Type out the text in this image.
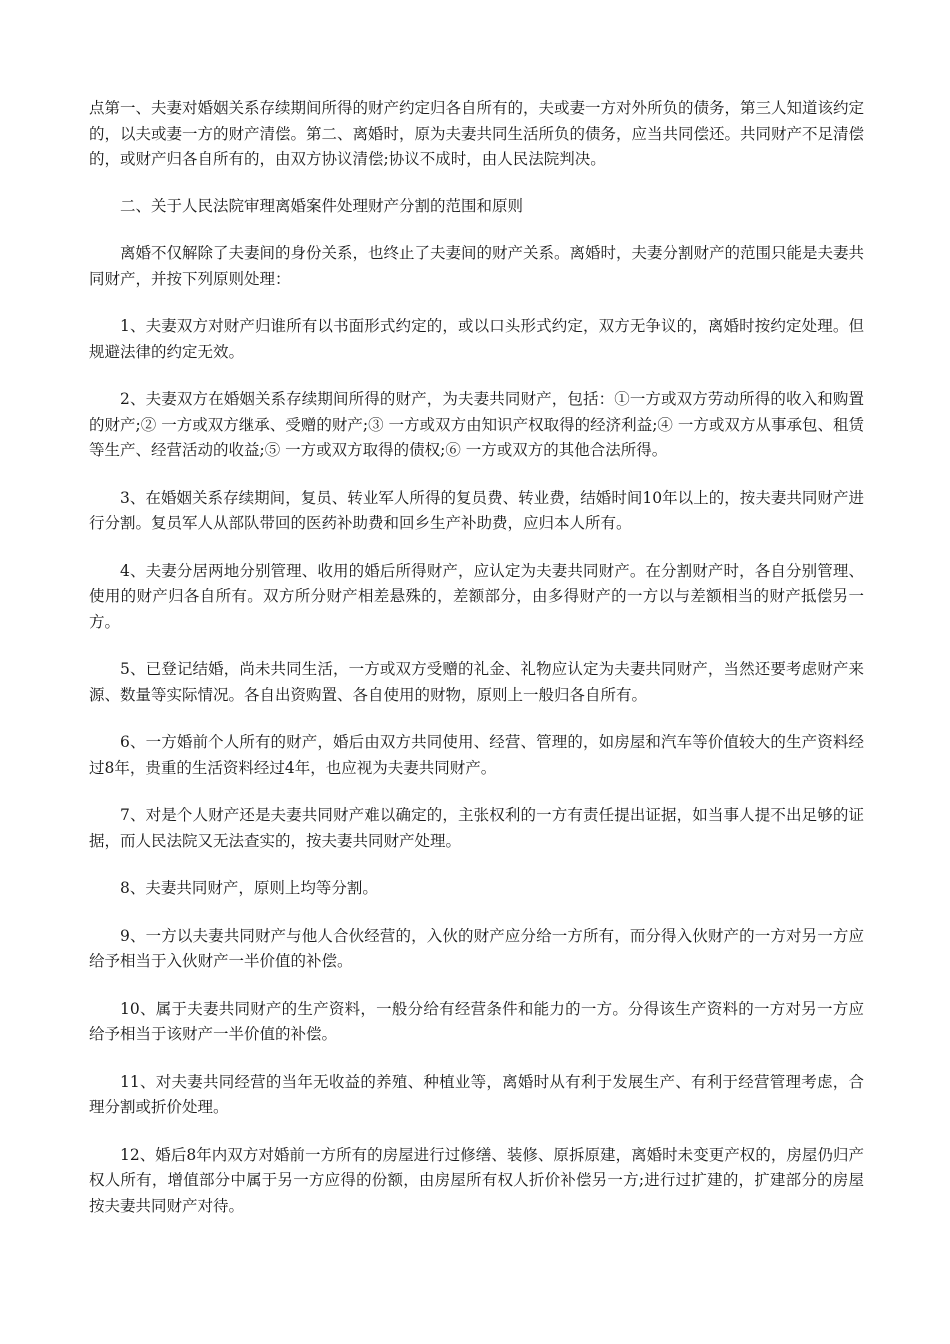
点第一、夫妻对婚姻关系存续期间所得的财产约定归各自所有的，夫或妻一方对外所负的债务，第三人知道该约定的，以夫或妻一方的财产清偿。第二、离婚时，原为夫妻共同生活所负的债务，应当共同偿还。共同财产不足清偿的，或财产归各自所有的，由双方协议清偿;协议不成时，由人民法院判决。

二、关于人民法院审理离婚案件处理财产分割的范围和原则

离婚不仅解除了夫妻间的身份关系，也终止了夫妻间的财产关系。离婚时，夫妻分割财产的范围只能是夫妻共同财产，并按下列原则处理：

1、夫妻双方对财产归谁所有以书面形式约定的，或以口头形式约定，双方无争议的，离婚时按约定处理。但规避法律的约定无效。

2、夫妻双方在婚姻关系存续期间所得的财产，为夫妻共同财产，包括：①一方或双方劳动所得的收入和购置的财产;② 一方或双方继承、受赠的财产;③ 一方或双方由知识产权取得的经济利益;④ 一方或双方从事承包、租赁等生产、经营活动的收益;⑤ 一方或双方取得的债权;⑥ 一方或双方的其他合法所得。

3、在婚姻关系存续期间，复员、转业军人所得的复员费、转业费，结婚时间10年以上的，按夫妻共同财产进行分割。复员军人从部队带回的医药补助费和回乡生产补助费，应归本人所有。

4、夫妻分居两地分别管理、收用的婚后所得财产，应认定为夫妻共同财产。在分割财产时，各自分别管理、使用的财产归各自所有。双方所分财产相差悬殊的，差额部分，由多得财产的一方以与差额相当的财产抵偿另一方。

5、已登记结婚，尚未共同生活，一方或双方受赠的礼金、礼物应认定为夫妻共同财产，当然还要考虑财产来源、数量等实际情况。各自出资购置、各自使用的财物，原则上一般归各自所有。

6、一方婚前个人所有的财产，婚后由双方共同使用、经营、管理的，如房屋和汽车等价值较大的生产资料经过8年，贵重的生活资料经过4年，也应视为夫妻共同财产。

7、对是个人财产还是夫妻共同财产难以确定的，主张权利的一方有责任提出证据，如当事人提不出足够的证据，而人民法院又无法查实的，按夫妻共同财产处理。

8、夫妻共同财产，原则上均等分割。

9、一方以夫妻共同财产与他人合伙经营的，入伙的财产应分给一方所有，而分得入伙财产的一方对另一方应给予相当于入伙财产一半价值的补偿。

10、属于夫妻共同财产的生产资料，一般分给有经营条件和能力的一方。分得该生产资料的一方对另一方应给予相当于该财产一半价值的补偿。

11、对夫妻共同经营的当年无收益的养殖、种植业等，离婚时从有利于发展生产、有利于经营管理考虑，合理分割或折价处理。

12、婚后8年内双方对婚前一方所有的房屋进行过修缮、装修、原拆原建，离婚时未变更产权的，房屋仍归产权人所有，增值部分中属于另一方应得的份额，由房屋所有权人折价补偿另一方;进行过扩建的，扩建部分的房屋按夫妻共同财产对待。
